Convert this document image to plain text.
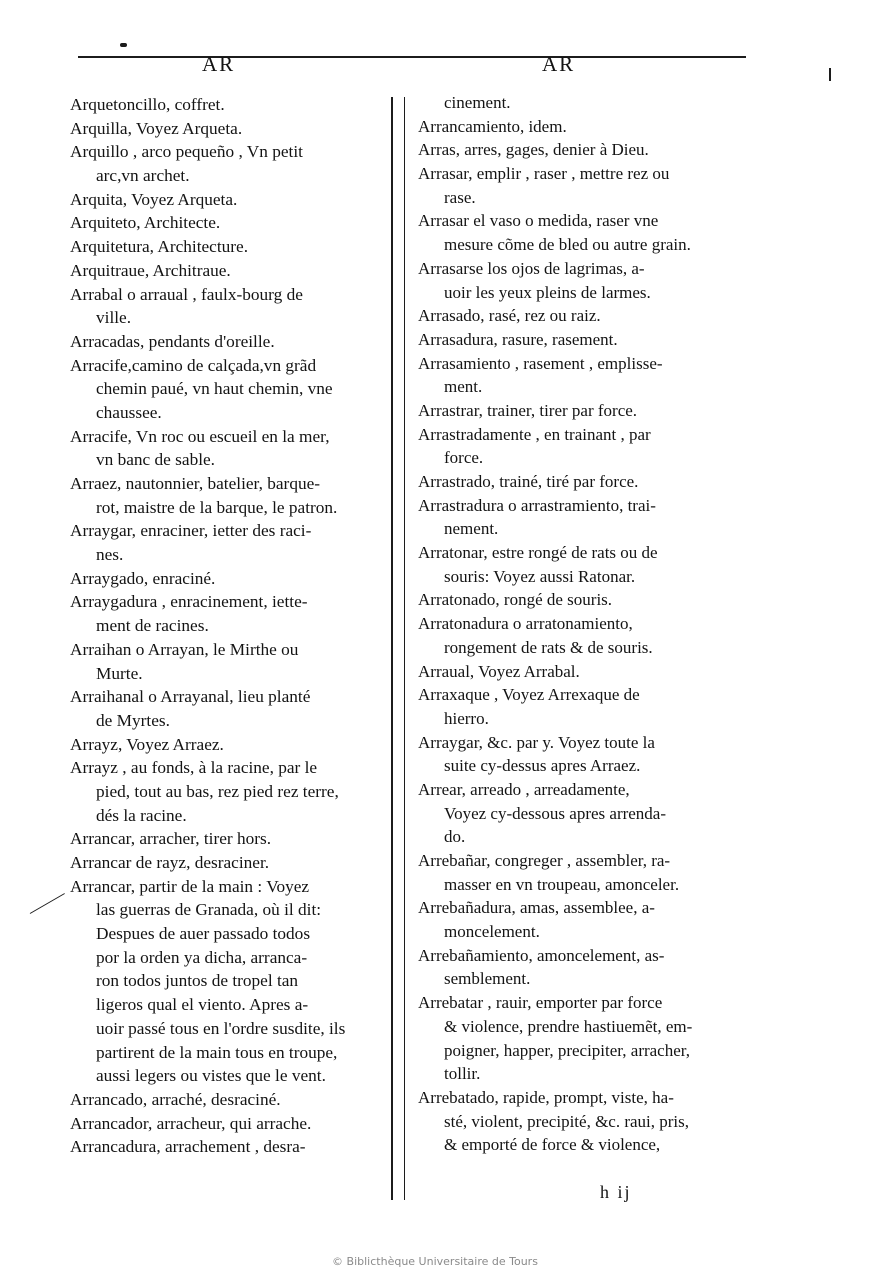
AR	AR
Arquetoncillo, coffret.
Arquilla, Voyez Arqueta.
Arquillo , arco pequeño , Vn petit
arc,vn archet.
Arquita, Voyez Arqueta.
Arquiteto, Architecte.
Arquitetura, Architecture.
Arquitraue, Architraue.
Arrabal o arraual , faulx-bourg de
ville.
Arracadas, pendants d'oreille.
Arracife,camino de calçada,vn grãd
chemin paué, vn haut chemin, vne
chaussee.
Arracife, Vn roc ou escueil en la mer,
vn banc de sable.
Arraez, nautonnier, batelier, barque-
rot, maistre de la barque, le patron.
Arraygar, enraciner, ietter des raci-
nes.
Arraygado, enraciné.
Arraygadura , enracinement, iette-
ment de racines.
Arraihan o Arrayan, le Mirthe ou
Murte.
Arraihanal o Arrayanal, lieu planté
de Myrtes.
Arrayz, Voyez Arraez.
Arrayz , au fonds, à la racine, par le
pied, tout au bas, rez pied rez terre,
dés la racine.
Arrancar, arracher, tirer hors.
Arrancar de rayz, desraciner.
Arrancar, partir de la main : Voyez
las guerras de Granada, où il dit:
Despues de auer passado todos
por la orden ya dicha, arranca-
ron todos juntos de tropel tan
ligeros qual el viento. Apres a-
uoir passé tous en l'ordre susdite, ils
partirent de la main tous en troupe,
aussi legers ou vistes que le vent.
Arrancado, arraché, desraciné.
Arrancador, arracheur, qui arrache.
Arrancadura, arrachement , desra-
cinement.
Arrancamiento, idem.
Arras, arres, gages, denier à Dieu.
Arrasar, emplir , raser , mettre rez ou
rase.
Arrasar el vaso o medida, raser vne
mesure cõme de bled ou autre grain.
Arrasarse los ojos de lagrimas, a-
uoir les yeux pleins de larmes.
Arrasado, rasé, rez ou raiz.
Arrasadura, rasure, rasement.
Arrasamiento , rasement , emplisse-
ment.
Arrastrar, trainer, tirer par force.
Arrastradamente , en trainant , par
force.
Arrastrado, trainé, tiré par force.
Arrastradura o arrastramiento, trai-
nement.
Arratonar, estre rongé de rats ou de
souris: Voyez aussi Ratonar.
Arratonado, rongé de souris.
Arratonadura o arratonamiento,
rongement de rats & de souris.
Arraual, Voyez Arrabal.
Arraxaque , Voyez Arrexaque de
hierro.
Arraygar, &c. par y. Voyez toute la
suite cy-dessus apres Arraez.
Arrear, arreado , arreadamente,
Voyez cy-dessous apres arrenda-
do.
Arrebañar, congreger , assembler, ra-
masser en vn troupeau, amonceler.
Arrebañadura, amas, assemblee, a-
moncelement.
Arrebañamiento, amoncelement, as-
semblement.
Arrebatar , rauir, emporter par force
& violence, prendre hastiuemẽt, em-
poigner, happer, precipiter, arracher,
tollir.
Arrebatado, rapide, prompt, viste, ha-
sté, violent, precipité, &c. raui, pris,
& emporté de force & violence,
h ij
© Biblicthèque Universitaire de Tours
